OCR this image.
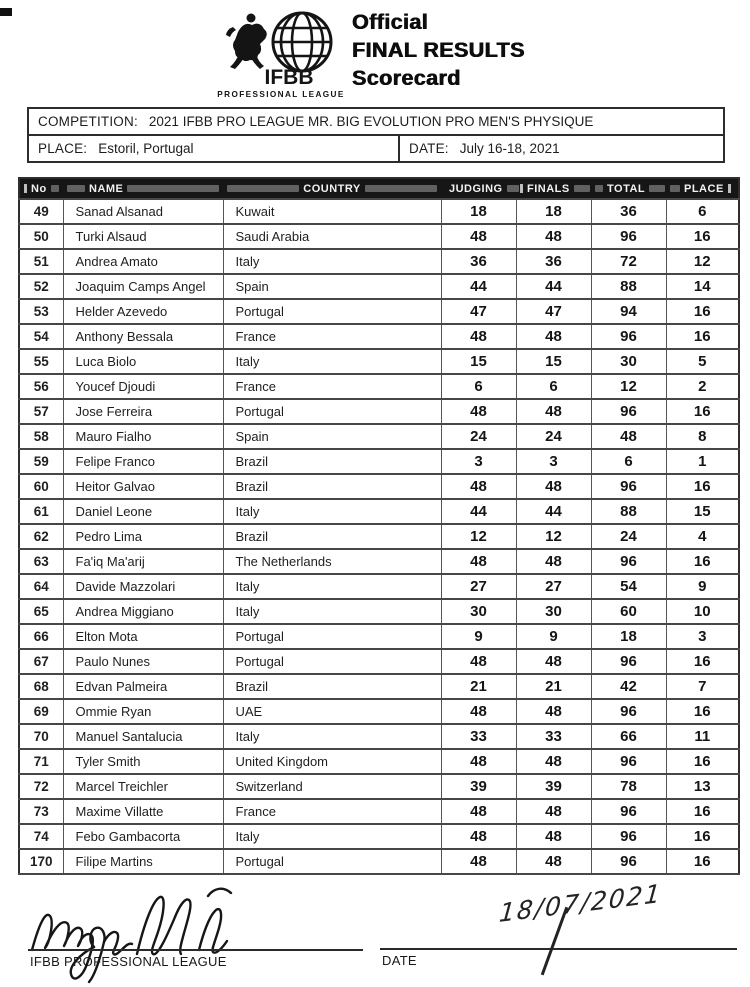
IFBB
PROFESSIONAL LEAGUE
Official
FINAL RESULTS
Scorecard
COMPETITION: 2021 IFBB PRO LEAGUE MR. BIG EVOLUTION PRO MEN'S PHYSIQUE
PLACE: Estoril, Portugal	DATE: July 16-18, 2021
No	NAME	COUNTRY	JUDGING	FINALS	TOTAL	PLACE

49	Sanad Alsanad	Kuwait	18	18	36	6
50	Turki Alsaud	Saudi Arabia	48	48	96	16
51	Andrea Amato	Italy	36	36	72	12
52	Joaquim Camps Angel	Spain	44	44	88	14
53	Helder Azevedo	Portugal	47	47	94	16
54	Anthony Bessala	France	48	48	96	16
55	Luca Biolo	Italy	15	15	30	5
56	Youcef Djoudi	France	6	6	12	2
57	Jose Ferreira	Portugal	48	48	96	16
58	Mauro Fialho	Spain	24	24	48	8
59	Felipe Franco	Brazil	3	3	6	1
60	Heitor Galvao	Brazil	48	48	96	16
61	Daniel Leone	Italy	44	44	88	15
62	Pedro Lima	Brazil	12	12	24	4
63	Fa'iq Ma'arij	The Netherlands	48	48	96	16
64	Davide Mazzolari	Italy	27	27	54	9
65	Andrea Miggiano	Italy	30	30	60	10
66	Elton Mota	Portugal	9	9	18	3
67	Paulo Nunes	Portugal	48	48	96	16
68	Edvan Palmeira	Brazil	21	21	42	7
69	Ommie Ryan	UAE	48	48	96	16
70	Manuel Santalucia	Italy	33	33	66	11
71	Tyler Smith	United Kingdom	48	48	96	16
72	Marcel Treichler	Switzerland	39	39	78	13
73	Maxime Villatte	France	48	48	96	16
74	Febo Gambacorta	Italy	48	48	96	16
170	Filipe Martins	Portugal	48	48	96	16
IFBB PROFESSIONAL LEAGUE	DATE
18/07/2021
